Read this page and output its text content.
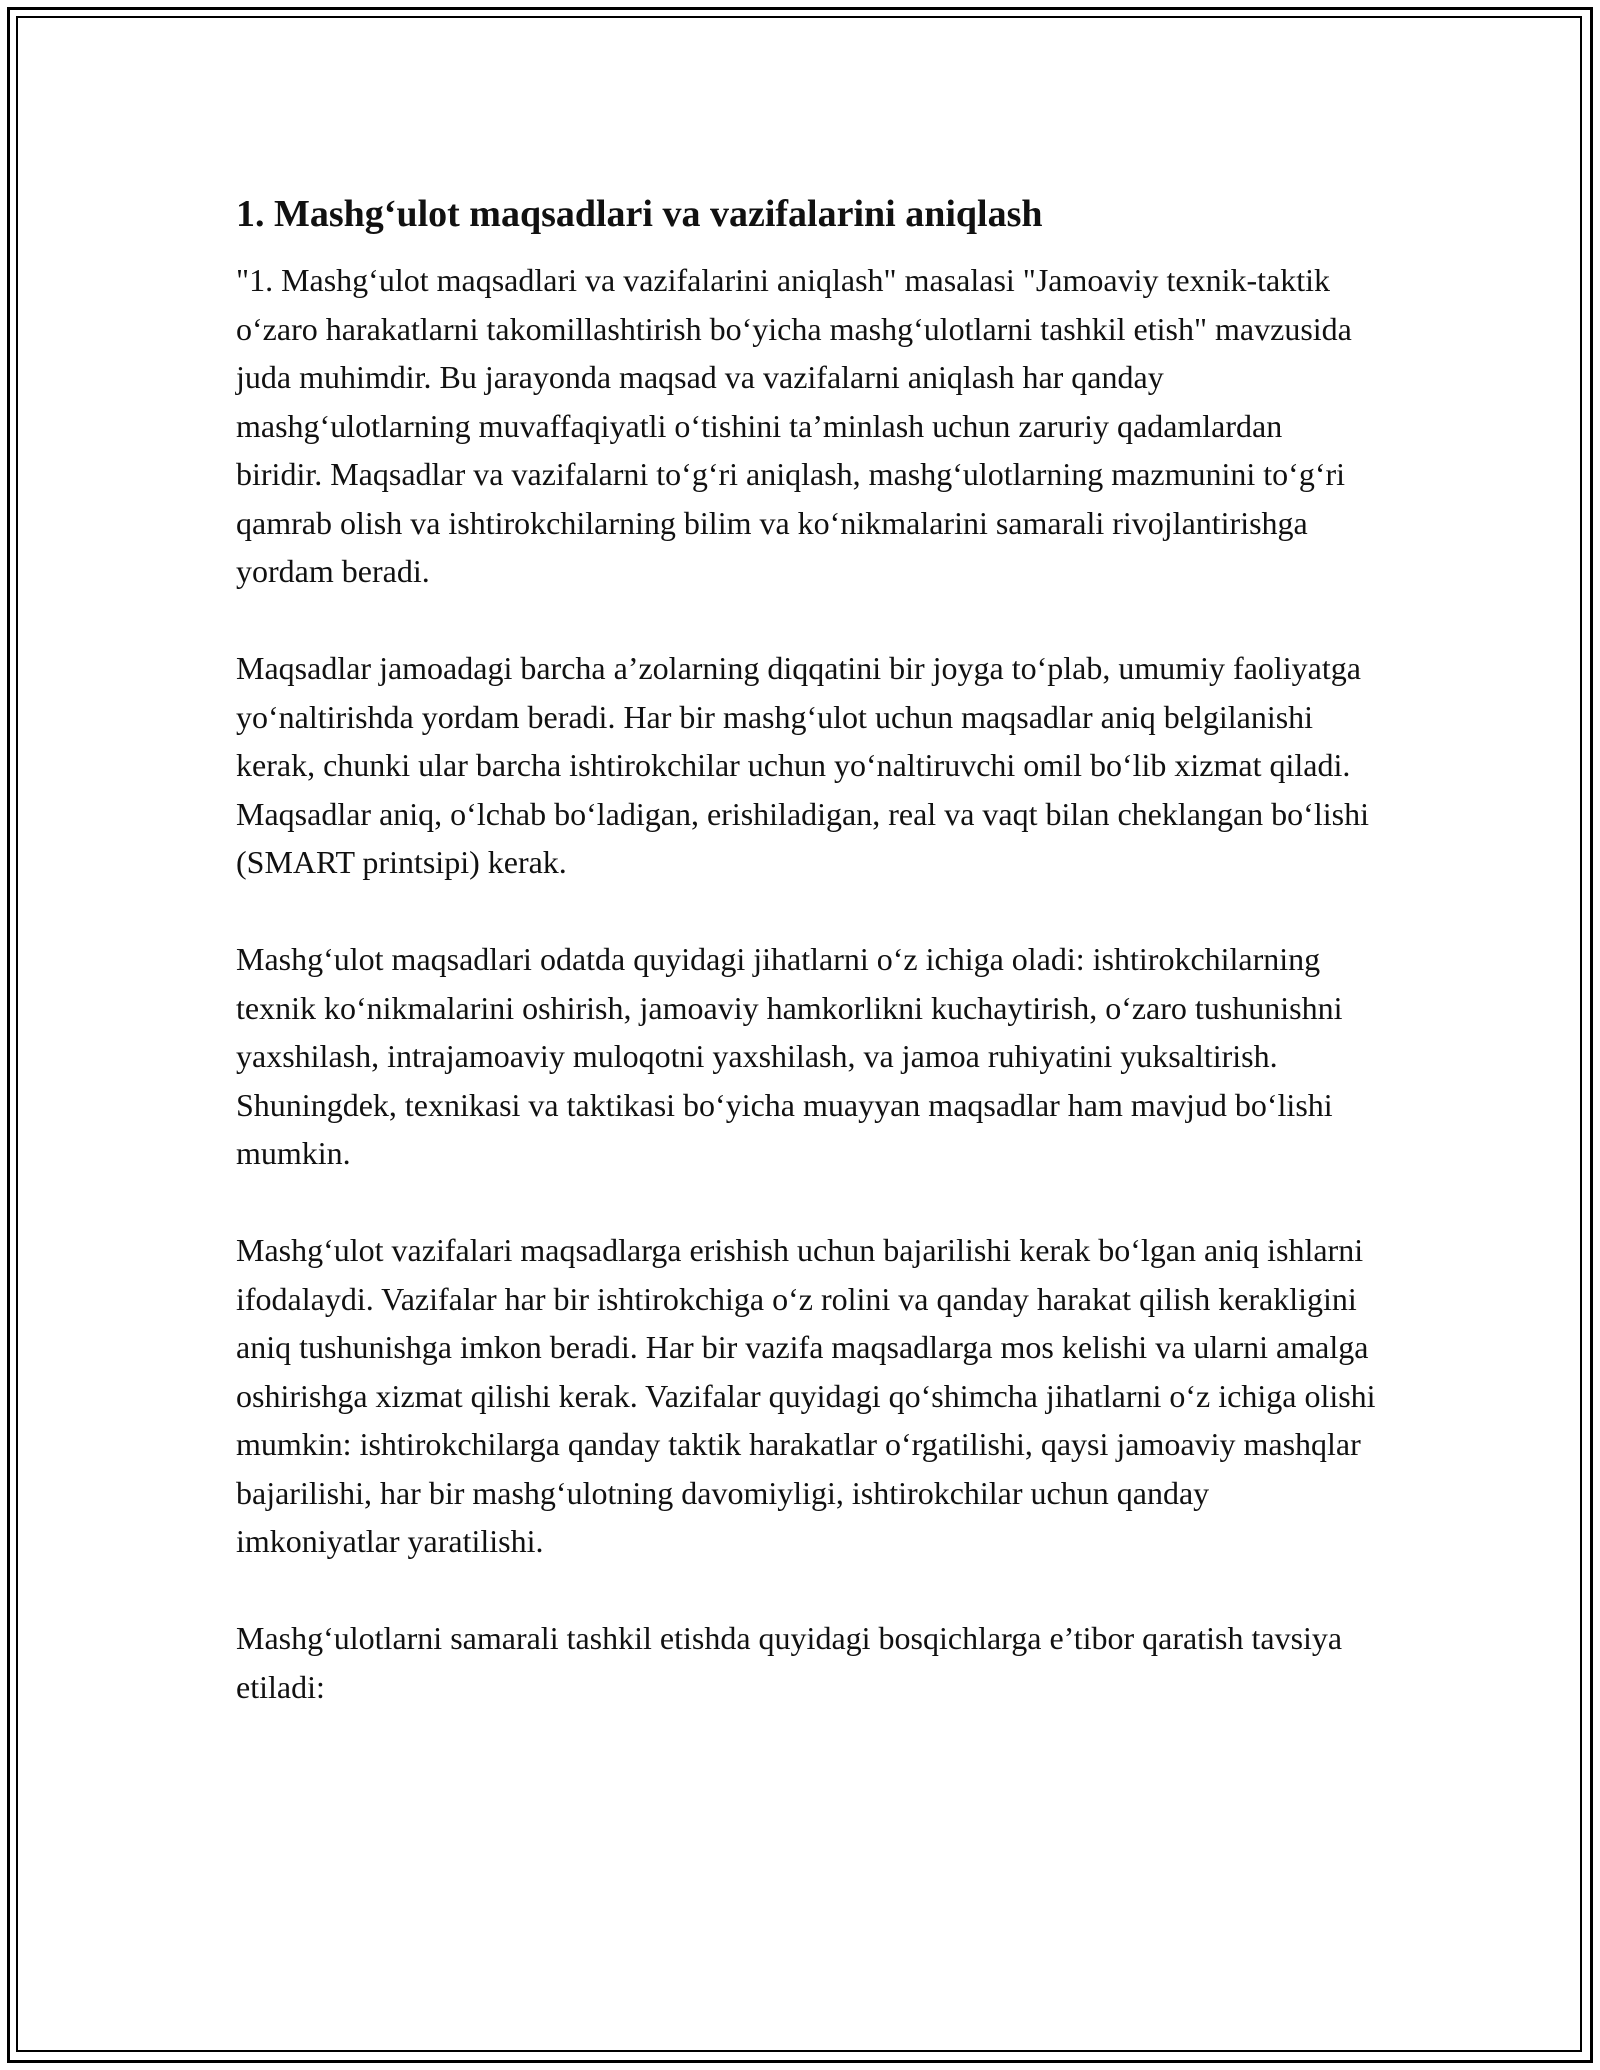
1. Mashg‘ulot maqsadlari va vazifalarini aniqlash

"1. Mashg‘ulot maqsadlari va vazifalarini aniqlash" masalasi "Jamoaviy texnik-taktik o‘zaro harakatlarni takomillashtirish bo‘yicha mashg‘ulotlarni tashkil etish" mavzusida juda muhimdir. Bu jarayonda maqsad va vazifalarni aniqlash har qanday mashg‘ulotlarning muvaffaqiyatli o‘tishini ta’minlash uchun zaruriy qadamlardan biridir. Maqsadlar va vazifalarni to‘g‘ri aniqlash, mashg‘ulotlarning mazmunini to‘g‘ri qamrab olish va ishtirokchilarning bilim va ko‘nikmalarini samarali rivojlantirishga yordam beradi.

Maqsadlar jamoadagi barcha a’zolarning diqqatini bir joyga to‘plab, umumiy faoliyatga yo‘naltirishda yordam beradi. Har bir mashg‘ulot uchun maqsadlar aniq belgilanishi kerak, chunki ular barcha ishtirokchilar uchun yo‘naltiruvchi omil bo‘lib xizmat qiladi. Maqsadlar aniq, o‘lchab bo‘ladigan, erishiladigan, real va vaqt bilan cheklangan bo‘lishi (SMART printsipi) kerak.

Mashg‘ulot maqsadlari odatda quyidagi jihatlarni o‘z ichiga oladi: ishtirokchilarning texnik ko‘nikmalarini oshirish, jamoaviy hamkorlikni kuchaytirish, o‘zaro tushunishni yaxshilash, intrajamoaviy muloqotni yaxshilash, va jamoa ruhiyatini yuksaltirish. Shuningdek, texnikasi va taktikasi bo‘yicha muayyan maqsadlar ham mavjud bo‘lishi mumkin.

Mashg‘ulot vazifalari maqsadlarga erishish uchun bajarilishi kerak bo‘lgan aniq ishlarni ifodalaydi. Vazifalar har bir ishtirokchiga o‘z rolini va qanday harakat qilish kerakligini aniq tushunishga imkon beradi. Har bir vazifa maqsadlarga mos kelishi va ularni amalga oshirishga xizmat qilishi kerak. Vazifalar quyidagi qo‘shimcha jihatlarni o‘z ichiga olishi mumkin: ishtirokchilarga qanday taktik harakatlar o‘rgatilishi, qaysi jamoaviy mashqlar bajarilishi, har bir mashg‘ulotning davomiyligi, ishtirokchilar uchun qanday imkoniyatlar yaratilishi.

Mashg‘ulotlarni samarali tashkil etishda quyidagi bosqichlarga e’tibor qaratish tavsiya etiladi:
